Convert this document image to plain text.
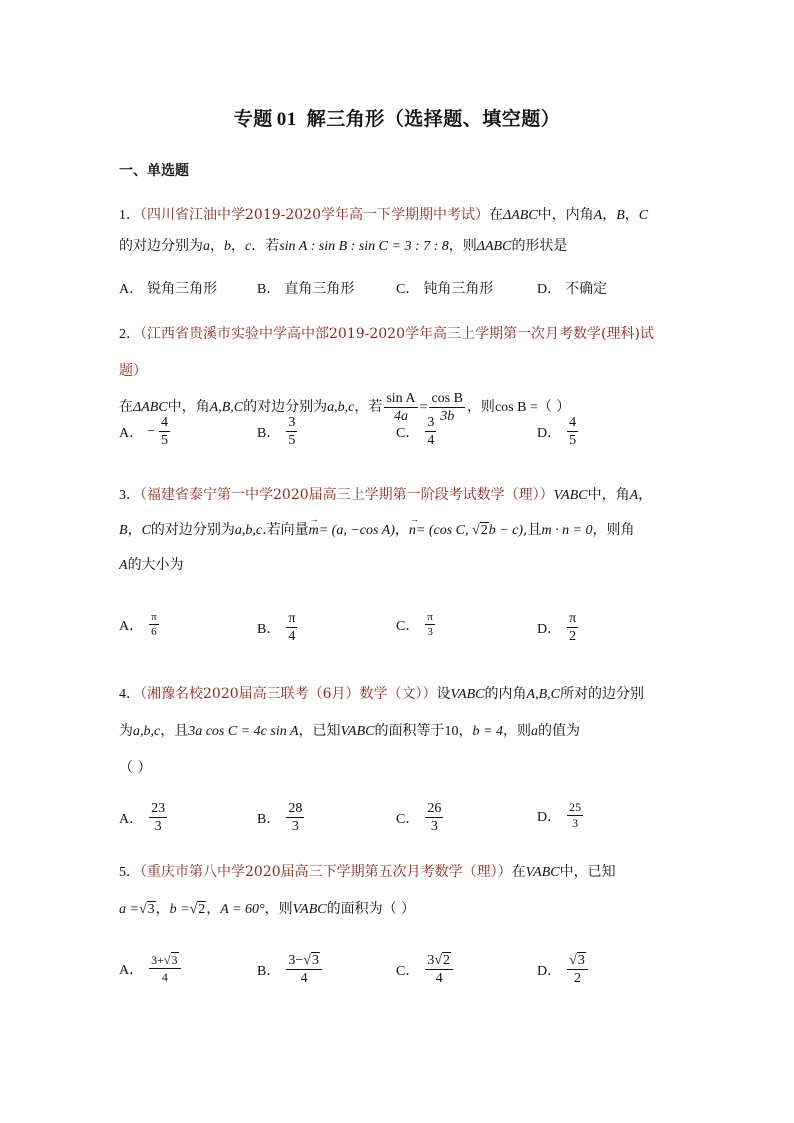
专题 01 解三角形（选择题、填空题）
一、单选题
1．（四川省江油中学2019-2020学年高一下学期期中考试）在ΔABC中，内角A，B，C
的对边分别为a，b，c．若sin A : sin B : sin C = 3 : 7 : 8，则ΔABC的形状是
A． 锐角三角形	B． 直角三角形	C． 钝角三角形	D． 不确定
2．（江西省贵溪市实验中学高中部2019-2020学年高三上学期第一次月考数学(理科)试题）
在ΔABC中，角A,B,C的对边分别为a,b,c，若 $\frac{\text{sin A}}{4a} = \frac{\text{cos B}}{3b}$ ，则cos B =（ ）
A． − $\frac{4}{5}$	B． $\frac{3}{5}$	C． $\frac{3}{4}$	D． $\frac{4}{5}$
3．（福建省泰宁第一中学2020届高三上学期第一阶段考试数学（理））VABC中，角A，
B，C的对边分别为a,b,c.若向量→ m= (a, −cos A)，→ n= (cos C, √2b − c),且m · n = 0，则角
A的大小为
A． $\frac{\pi}{6}$	B． $\frac{\pi}{4}$	C． $\frac{\pi}{3}$	D． $\frac{\pi}{2}$
4．（湘豫名校2020届高三联考（6月）数学（文））设VABC的内角A,B,C所对的边分别
为a,b,c，且3a cos C = 4c sin A，已知VABC的面积等于10，b = 4，则a的值为
（ ）
A． $\frac{23}{3}$	B． $\frac{28}{3}$	C． $\frac{26}{3}$	D． $\frac{25}{3}$
5．（重庆市第八中学2020届高三下学期第五次月考数学（理））在VABC中，已知
a =√3，b =√2，A = 60°，则VABC的面积为（ ）
A． $\frac{3+√3}{4}$	B． $\frac{3-√3}{4}$	C． $\frac{3√2}{4}$	D． $\frac{√3}{2}$
